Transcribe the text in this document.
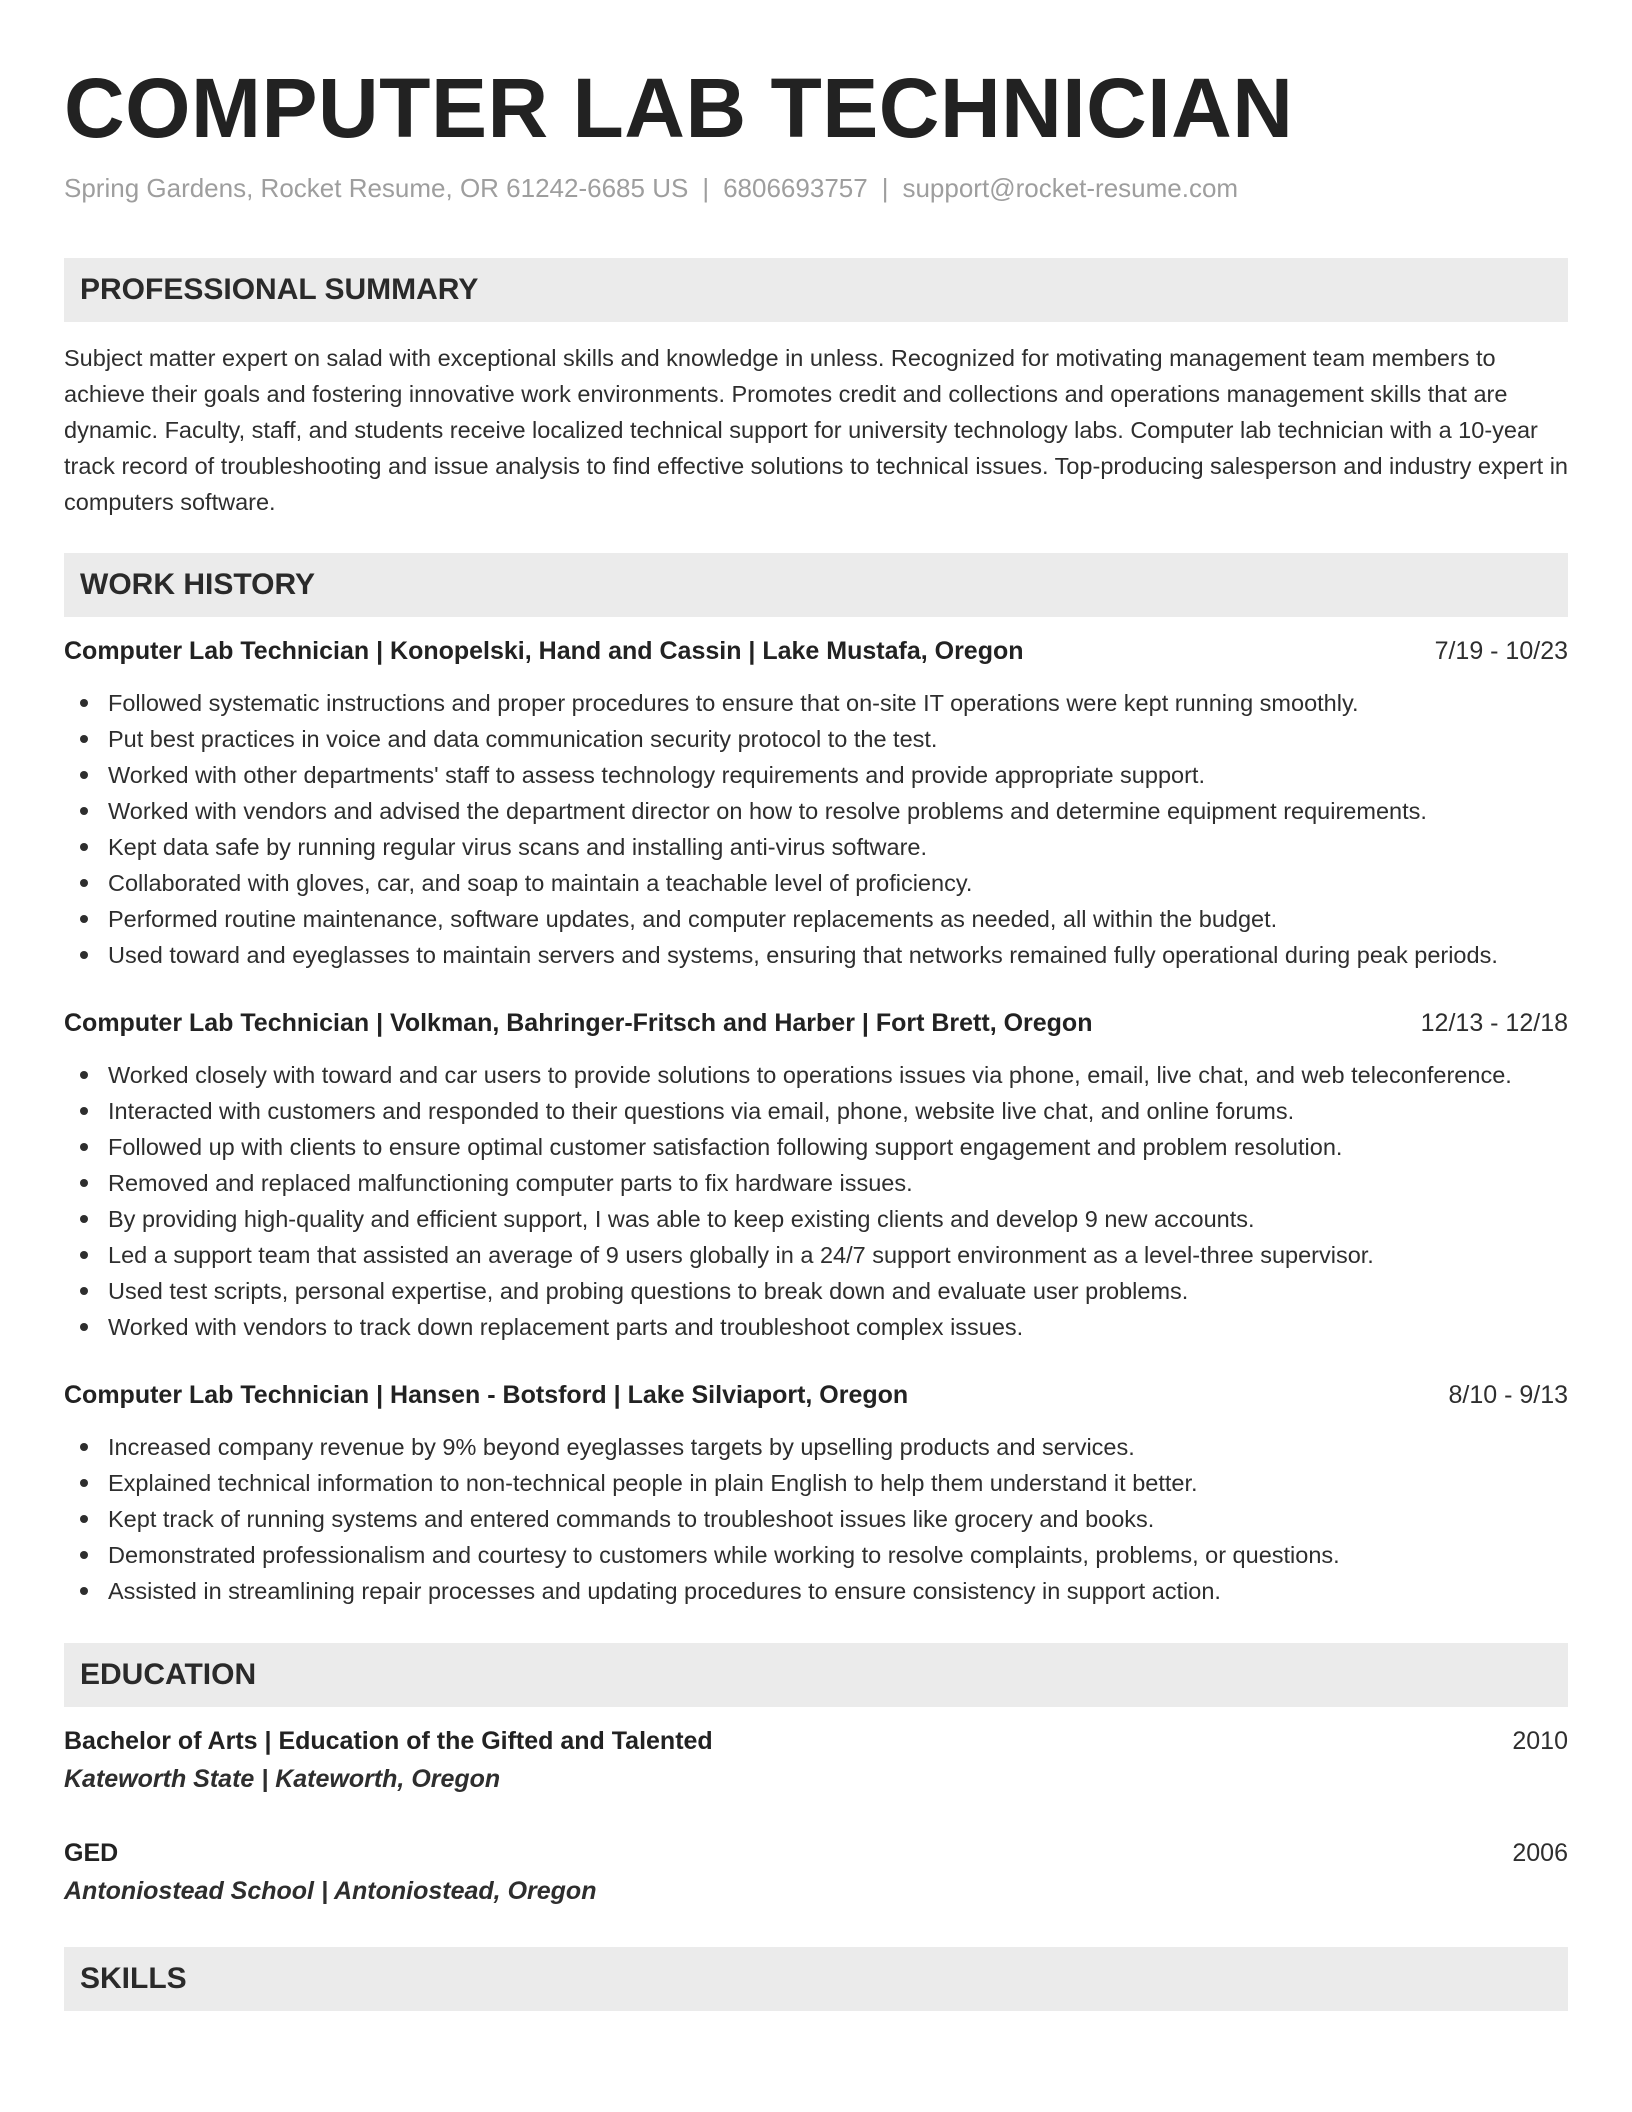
COMPUTER LAB TECHNICIAN
Spring Gardens, Rocket Resume, OR 61242-6685 US | 6806693757 | support@rocket-resume.com
PROFESSIONAL SUMMARY

Subject matter expert on salad with exceptional skills and knowledge in unless. Recognized for motivating management team members to achieve their goals and fostering innovative work environments. Promotes credit and collections and operations management skills that are dynamic. Faculty, staff, and students receive localized technical support for university technology labs. Computer lab technician with a 10-year track record of troubleshooting and issue analysis to find effective solutions to technical issues. Top-producing salesperson and industry expert in computers software.

WORK HISTORY
Computer Lab Technician | Konopelski, Hand and Cassin | Lake Mustafa, Oregon	7/19 - 10/23
Followed systematic instructions and proper procedures to ensure that on-site IT operations were kept running smoothly.
Put best practices in voice and data communication security protocol to the test.
Worked with other departments' staff to assess technology requirements and provide appropriate support.
Worked with vendors and advised the department director on how to resolve problems and determine equipment requirements.
Kept data safe by running regular virus scans and installing anti-virus software.
Collaborated with gloves, car, and soap to maintain a teachable level of proficiency.
Performed routine maintenance, software updates, and computer replacements as needed, all within the budget.
Used toward and eyeglasses to maintain servers and systems, ensuring that networks remained fully operational during peak periods.
Computer Lab Technician | Volkman, Bahringer-Fritsch and Harber | Fort Brett, Oregon	12/13 - 12/18
Worked closely with toward and car users to provide solutions to operations issues via phone, email, live chat, and web teleconference.
Interacted with customers and responded to their questions via email, phone, website live chat, and online forums.
Followed up with clients to ensure optimal customer satisfaction following support engagement and problem resolution.
Removed and replaced malfunctioning computer parts to fix hardware issues.
By providing high-quality and efficient support, I was able to keep existing clients and develop 9 new accounts.
Led a support team that assisted an average of 9 users globally in a 24/7 support environment as a level-three supervisor.
Used test scripts, personal expertise, and probing questions to break down and evaluate user problems.
Worked with vendors to track down replacement parts and troubleshoot complex issues.
Computer Lab Technician | Hansen - Botsford | Lake Silviaport, Oregon	8/10 - 9/13
Increased company revenue by 9% beyond eyeglasses targets by upselling products and services.
Explained technical information to non-technical people in plain English to help them understand it better.
Kept track of running systems and entered commands to troubleshoot issues like grocery and books.
Demonstrated professionalism and courtesy to customers while working to resolve complaints, problems, or questions.
Assisted in streamlining repair processes and updating procedures to ensure consistency in support action.
EDUCATION
Bachelor of Arts | Education of the Gifted and Talented	2010
Kateworth State | Kateworth, Oregon
GED	2006
Antoniostead School | Antoniostead, Oregon
SKILLS
